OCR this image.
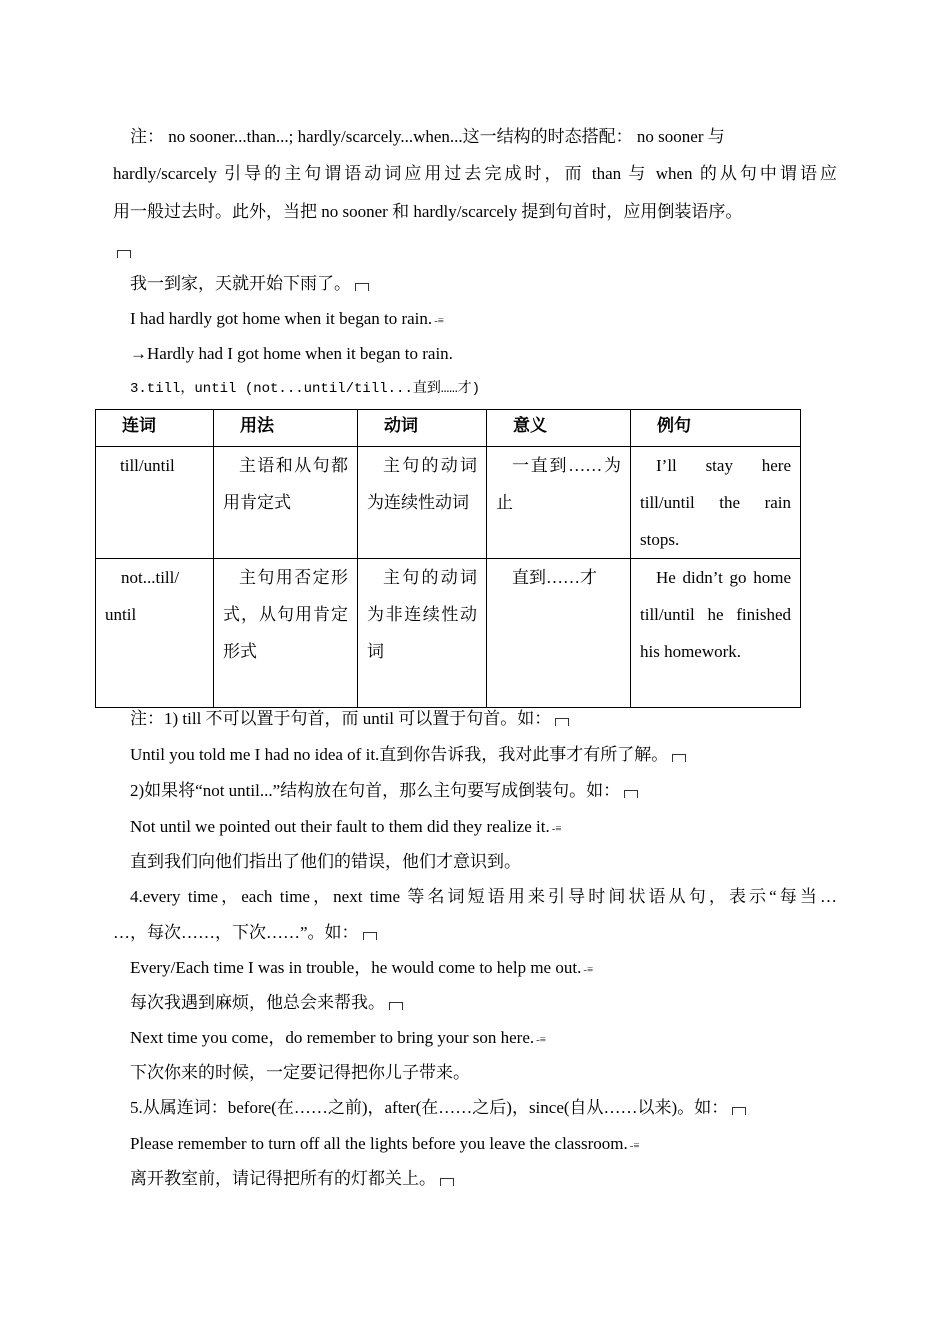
注： no sooner...than...; hardly/scarcely...when...这一结构的时态搭配： no sooner 与
hardly/scarcely 引导的主句谓语动词应用过去完成时，而 than 与 when 的从句中谓语应
用一般过去时。此外，当把 no sooner 和 hardly/scarcely 提到句首时，应用倒装语序。
我一到家，天就开始下雨了。
I had hardly got home when it began to rain. -≡
→Hardly had I got home when it began to rain.
3.till，until (not...until/till...直到……才)
连词	用法	动词	意义	例句
till/until	主语和从句都用肯定式	主句的动词为连续性动词	一直到……为止	I’ll stay here till/until the rain stops.
not...till/ until	主句用否定形式，从句用肯定形式	主句的动词为非连续性动词	直到……才	He didn’t go home till/until he finished his homework.
注：1) till 不可以置于句首，而 until 可以置于句首。如：
Until you told me I had no idea of it.直到你告诉我，我对此事才有所了解。
2)如果将“not until...”结构放在句首，那么主句要写成倒装句。如：
Not until we pointed out their fault to them did they realize it. -≡
直到我们向他们指出了他们的错误，他们才意识到。
4.every time，each time，next time 等名词短语用来引导时间状语从句，表示“每当…
…，每次……，下次……”。如：
Every/Each time I was in trouble，he would come to help me out. -≡
每次我遇到麻烦，他总会来帮我。
Next time you come，do remember to bring your son here. -≡
下次你来的时候，一定要记得把你儿子带来。
5.从属连词：before(在……之前)，after(在……之后)，since(自从……以来)。如：
Please remember to turn off all the lights before you leave the classroom. -≡
离开教室前，请记得把所有的灯都关上。
